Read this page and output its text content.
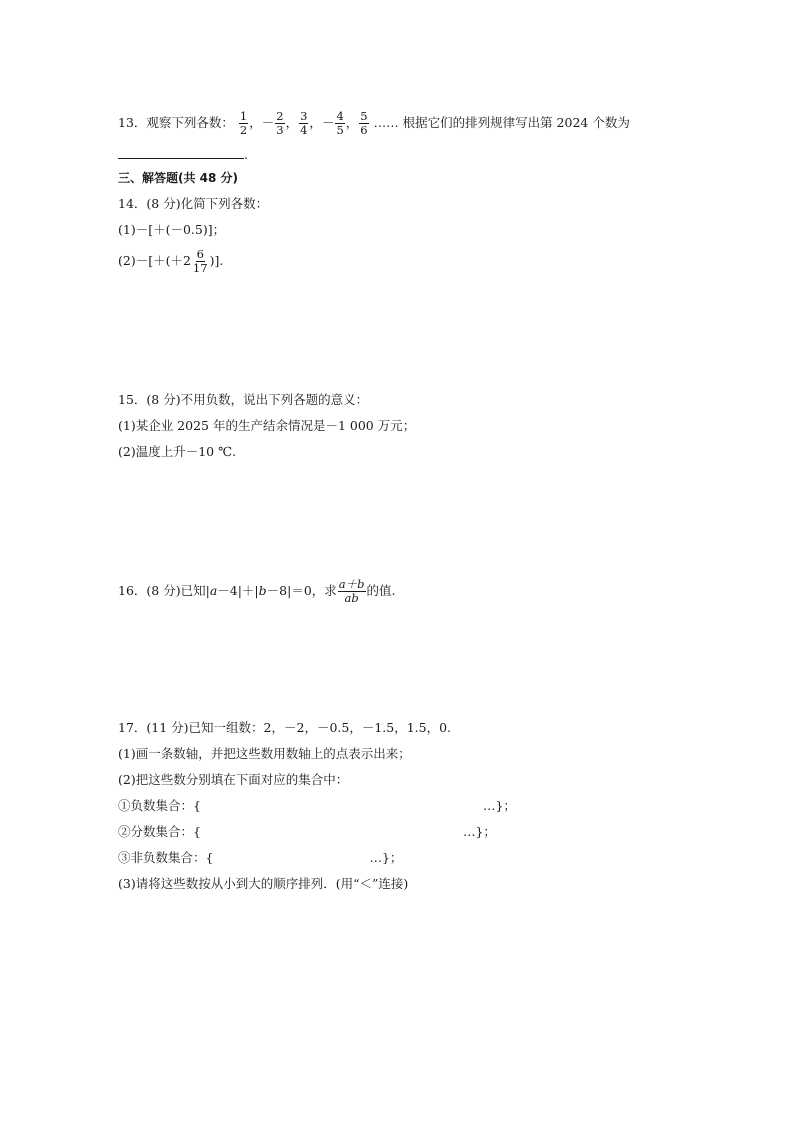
13．观察下列各数： $\frac{1}{2}$ ，－ $\frac{2}{3}$ ， $\frac{3}{4}$ ，－ $\frac{4}{5}$ ， $\frac{5}{6}$ …… 根据它们的排列规律写出第 2024 个数为
.
三、解答题(共 48 分)
14．(8 分)化简下列各数：
(1)－[＋(－0.5)]；
$(2)-[+(+2 \frac{6}{17}$ )].
15．(8 分)不用负数，说出下列各题的意义：
(1)某企业 2025 年的生产结余情况是－1 000 万元；
(2)温度上升－10 ℃.
16．(8 分)已知|a－4|＋|b－8|＝0，求 $\frac{a+b}{ab}$ 的值.
17．(11 分)已知一组数：2，－2，－0.5，－1.5，1.5，0.
(1)画一条数轴，并把这些数用数轴上的点表示出来；
(2)把这些数分别填在下面对应的集合中：
①负数集合：{	…}；
②分数集合：{	…}；
③非负数集合：{	…}；
(3)请将这些数按从小到大的顺序排列．(用“＜”连接)
